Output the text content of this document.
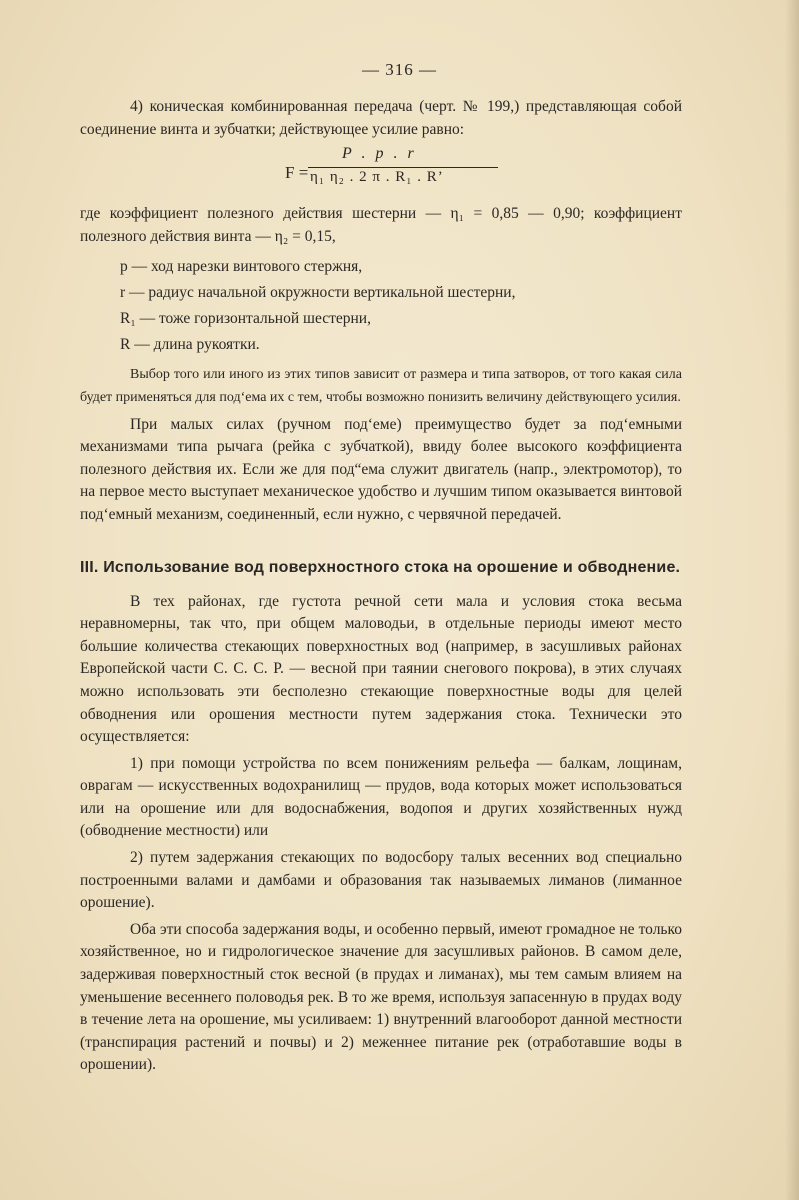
— 316 —

4) коническая комбинированная передача (черт. № 199,) представляющая собой соединение винта и зубчатки; действующее усилие равно:

F =
P . p . r
η₁ η₂ . 2 π . R₁ . R’

где коэффициент полезного действия шестерни — η₁ = 0,85 — 0,90; коэффициент полезного действия винта — η₂ = 0,15,

p — ход нарезки винтового стержня,
r — радиус начальной окружности вертикальной шестерни,
R₁ — тоже горизонтальной шестерни,
R — длина рукоятки.

Выбор того или иного из этих типов зависит от размера и типа затворов, от того какая сила будет применяться для под‘ема их с тем, чтобы возможно понизить величину действующего усилия.

При малых силах (ручном под‘еме) преимущество будет за под‘емными механизмами типа рычага (рейка с зубчаткой), ввиду более высокого коэффициента полезного действия их. Если же для под“ема служит двигатель (напр., электромотор), то на первое место выступает механическое удобство и лучшим типом оказывается винтовой под‘емный механизм, соединенный, если нужно, с червячной передачей.

III. Использование вод поверхностного стока на орошение и обводнение.

В тех районах, где густота речной сети мала и условия стока весьма неравномерны, так что, при общем маловодьи, в отдельные периоды имеют место большие количества стекающих поверхностных вод (например, в засушливых районах Европейской части С. С. С. Р. — весной при таянии снегового покрова), в этих случаях можно использовать эти бесполезно стекающие поверхностные воды для целей обводнения или орошения местности путем задержания стока. Технически это осуществляется:

1) при помощи устройства по всем понижениям рельефа — балкам, лощинам, оврагам — искусственных водохранилищ — прудов, вода которых может использоваться или на орошение или для водоснабжения, водопоя и других хозяйственных нужд (обводнение местности) или

2) путем задержания стекающих по водосбору талых весенних вод специально построенными валами и дамбами и образования так называемых лиманов (лиманное орошение).

Оба эти способа задержания воды, и особенно первый, имеют громадное не только хозяйственное, но и гидрологическое значение для засушливых районов. В самом деле, задерживая поверхностный сток весной (в прудах и лиманах), мы тем самым влияем на уменьшение весеннего половодья рек. В то же время, используя запасенную в прудах воду в течение лета на орошение, мы усиливаем: 1) внутренний влагооборот данной местности (транспирация растений и почвы) и 2) меженнее питание рек (отработавшие воды в орошении).
